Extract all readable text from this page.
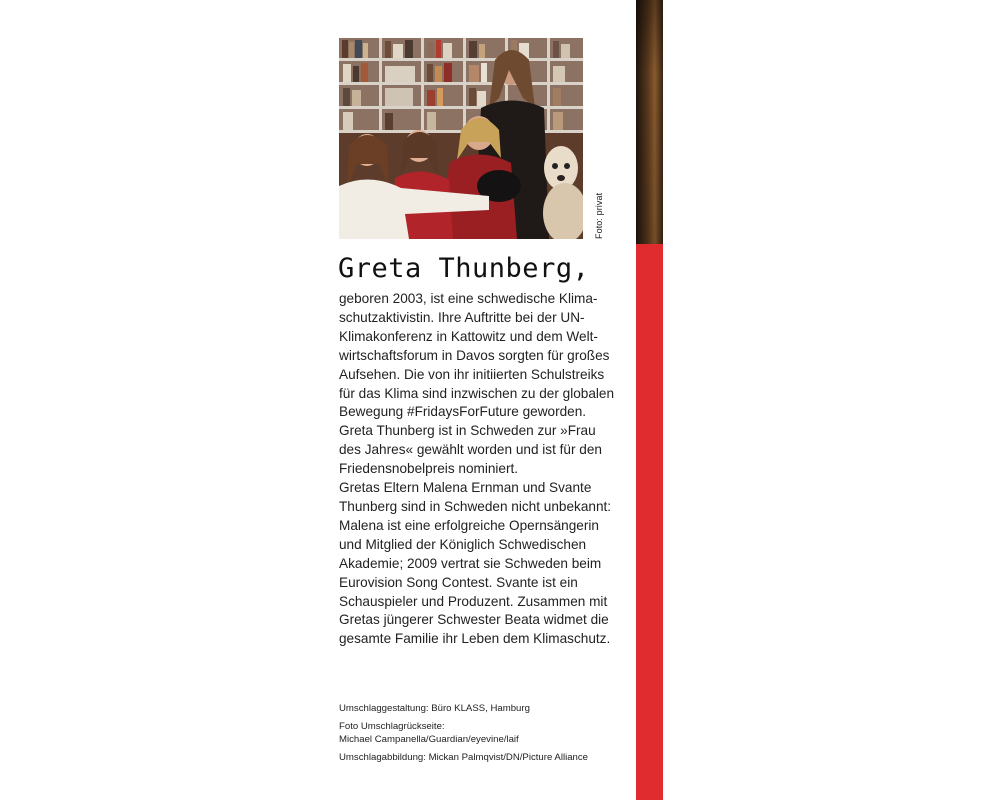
Foto: privat
Greta Thunberg,
geboren 2003, ist eine schwedische Klima-
schutzaktivistin. Ihre Auftritte bei der UN-
Klimakonferenz in Kattowitz und dem Welt-
wirtschaftsforum in Davos sorgten für großes
Aufsehen. Die von ihr initiierten Schulstreiks
für das Klima sind inzwischen zu der globalen
Bewegung #FridaysForFuture geworden.
Greta Thunberg ist in Schweden zur »Frau
des Jahres« gewählt worden und ist für den
Friedensnobelpreis nominiert.
Gretas Eltern Malena Ernman und Svante
Thunberg sind in Schweden nicht unbekannt:
Malena ist eine erfolgreiche Opernsängerin
und Mitglied der Königlich Schwedischen
Akademie; 2009 vertrat sie Schweden beim
Eurovision Song Contest. Svante ist ein
Schauspieler und Produzent. Zusammen mit
Gretas jüngerer Schwester Beata widmet die
gesamte Familie ihr Leben dem Klimaschutz.
Umschlaggestaltung: Büro KLASS, Hamburg
Foto Umschlagrückseite:
Michael Campanella/Guardian/eyevine/laif
Umschlagabbildung: Mickan Palmqvist/DN/Picture Alliance
